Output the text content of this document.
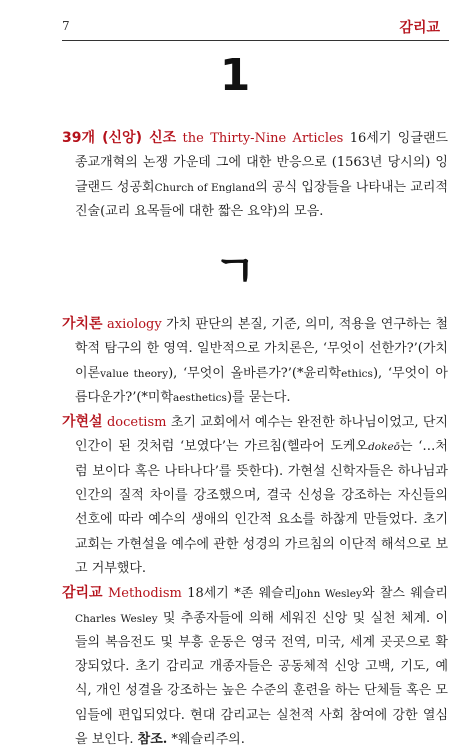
7	감리교
1

39개 (신앙) 신조 the Thirty-Nine Articles 16세기 잉글랜드 종교개혁의 논쟁 가운데 그에 대한 반응으로 (1563년 당시의) 잉글랜드 성공회Church of England의 공식 입장들을 나타내는 교리적 진술(교리 요목들에 대한 짧은 요약)의 모음.

ㄱ

가치론 axiology 가치 판단의 본질, 기준, 의미, 적용을 연구하는 철학적 탐구의 한 영역. 일반적으로 가치론은, ‘무엇이 선한가?’(가치이론value theory), ‘무엇이 올바른가?’(*윤리학ethics), ‘무엇이 아름다운가?’(*미학aesthetics)를 묻는다.

가현설 docetism 초기 교회에서 예수는 완전한 하나님이었고, 단지 인간이 된 것처럼 ‘보였다’는 가르침(헬라어 도케오dokeō는 ‘…처럼 보이다 혹은 나타나다’를 뜻한다). 가현설 신학자들은 하나님과 인간의 질적 차이를 강조했으며, 결국 신성을 강조하는 자신들의 선호에 따라 예수의 생애의 인간적 요소를 하찮게 만들었다. 초기 교회는 가현설을 예수에 관한 성경의 가르침의 이단적 해석으로 보고 거부했다.

감리교 Methodism 18세기 *존 웨슬리John Wesley와 찰스 웨슬리Charles Wesley 및 추종자들에 의해 세워진 신앙 및 실천 체계. 이들의 복음전도 및 부흥 운동은 영국 전역, 미국, 세계 곳곳으로 확장되었다. 초기 감리교 개종자들은 공동체적 신앙 고백, 기도, 예식, 개인 성결을 강조하는 높은 수준의 훈련을 하는 단체들 혹은 모임들에 편입되었다. 현대 감리교는 실천적 사회 참여에 강한 열심을 보인다. 참조. *웨슬리주의.
